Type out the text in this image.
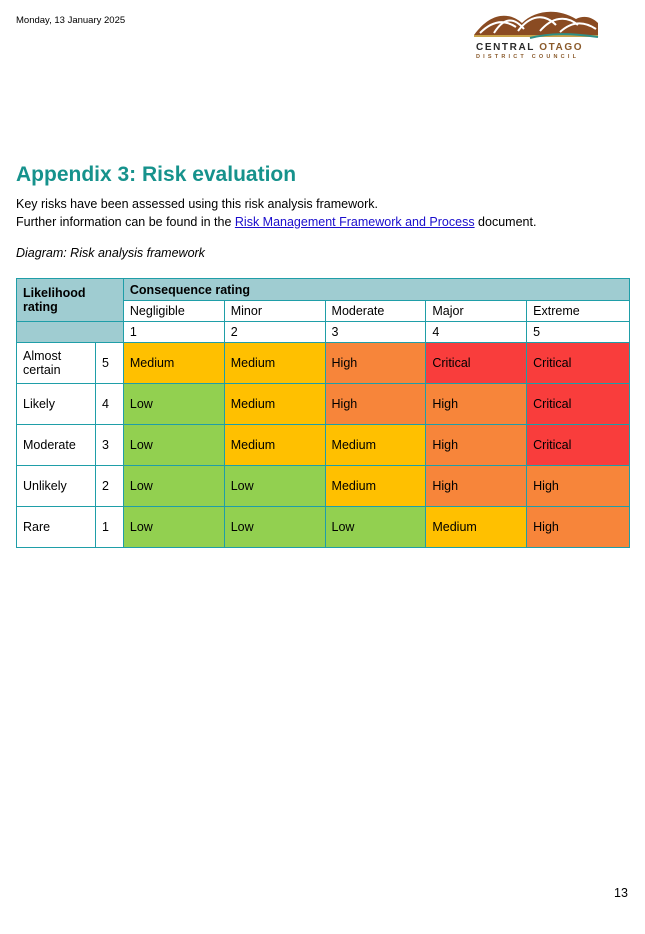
Monday, 13 January 2025
CENTRAL OTAGO
DISTRICT COUNCIL
Appendix 3: Risk evaluation
Key risks have been assessed using this risk analysis framework.
Further information can be found in the Risk Management Framework and Process document.
Diagram: Risk analysis framework
Likelihood rating		Consequence rating				
		Negligible	Minor	Moderate	Major	Extreme
		1	2	3	4	5
Almost certain	5	Medium	Medium	High	Critical	Critical
Likely	4	Low	Medium	High	High	Critical
Moderate	3	Low	Medium	Medium	High	Critical
Unlikely	2	Low	Low	Medium	High	High
Rare	1	Low	Low	Low	Medium	High
13
